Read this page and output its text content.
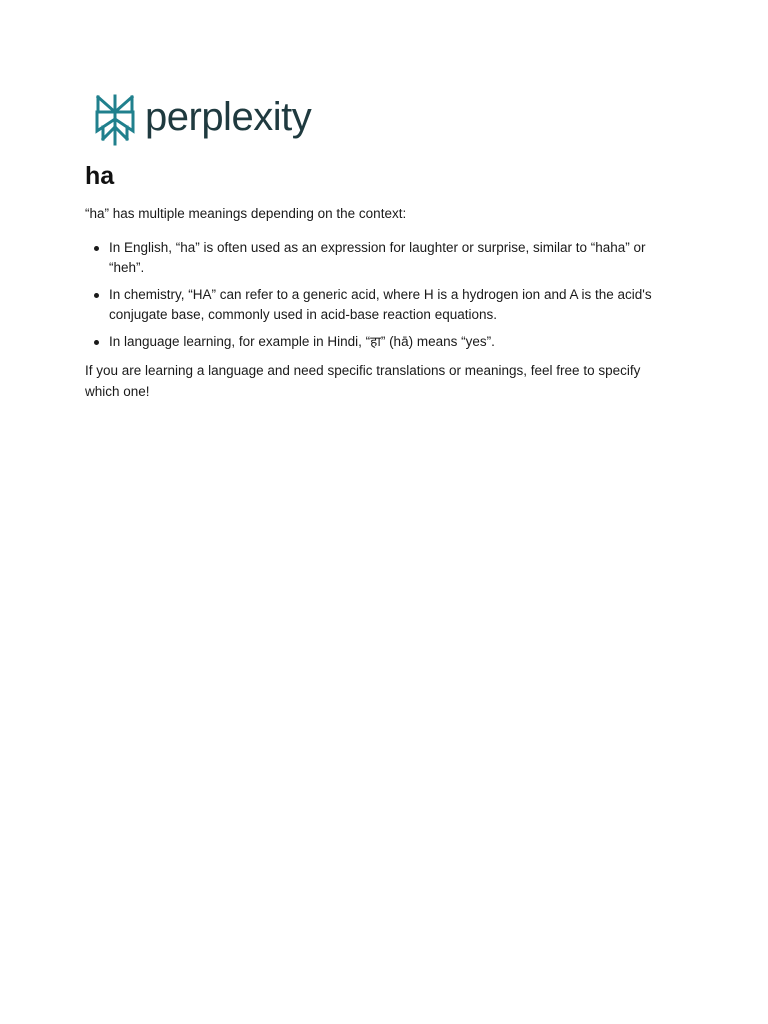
perplexity
ha

“ha” has multiple meanings depending on the context:

In English, “ha” is often used as an expression for laughter or surprise, similar to “haha” or “heh”.
In chemistry, “HA” can refer to a generic acid, where H is a hydrogen ion and A is the acid's conjugate base, commonly used in acid-base reaction equations.
In language learning, for example in Hindi, “हा” (hā) means “yes”.

If you are learning a language and need specific translations or meanings, feel free to specify which one!
